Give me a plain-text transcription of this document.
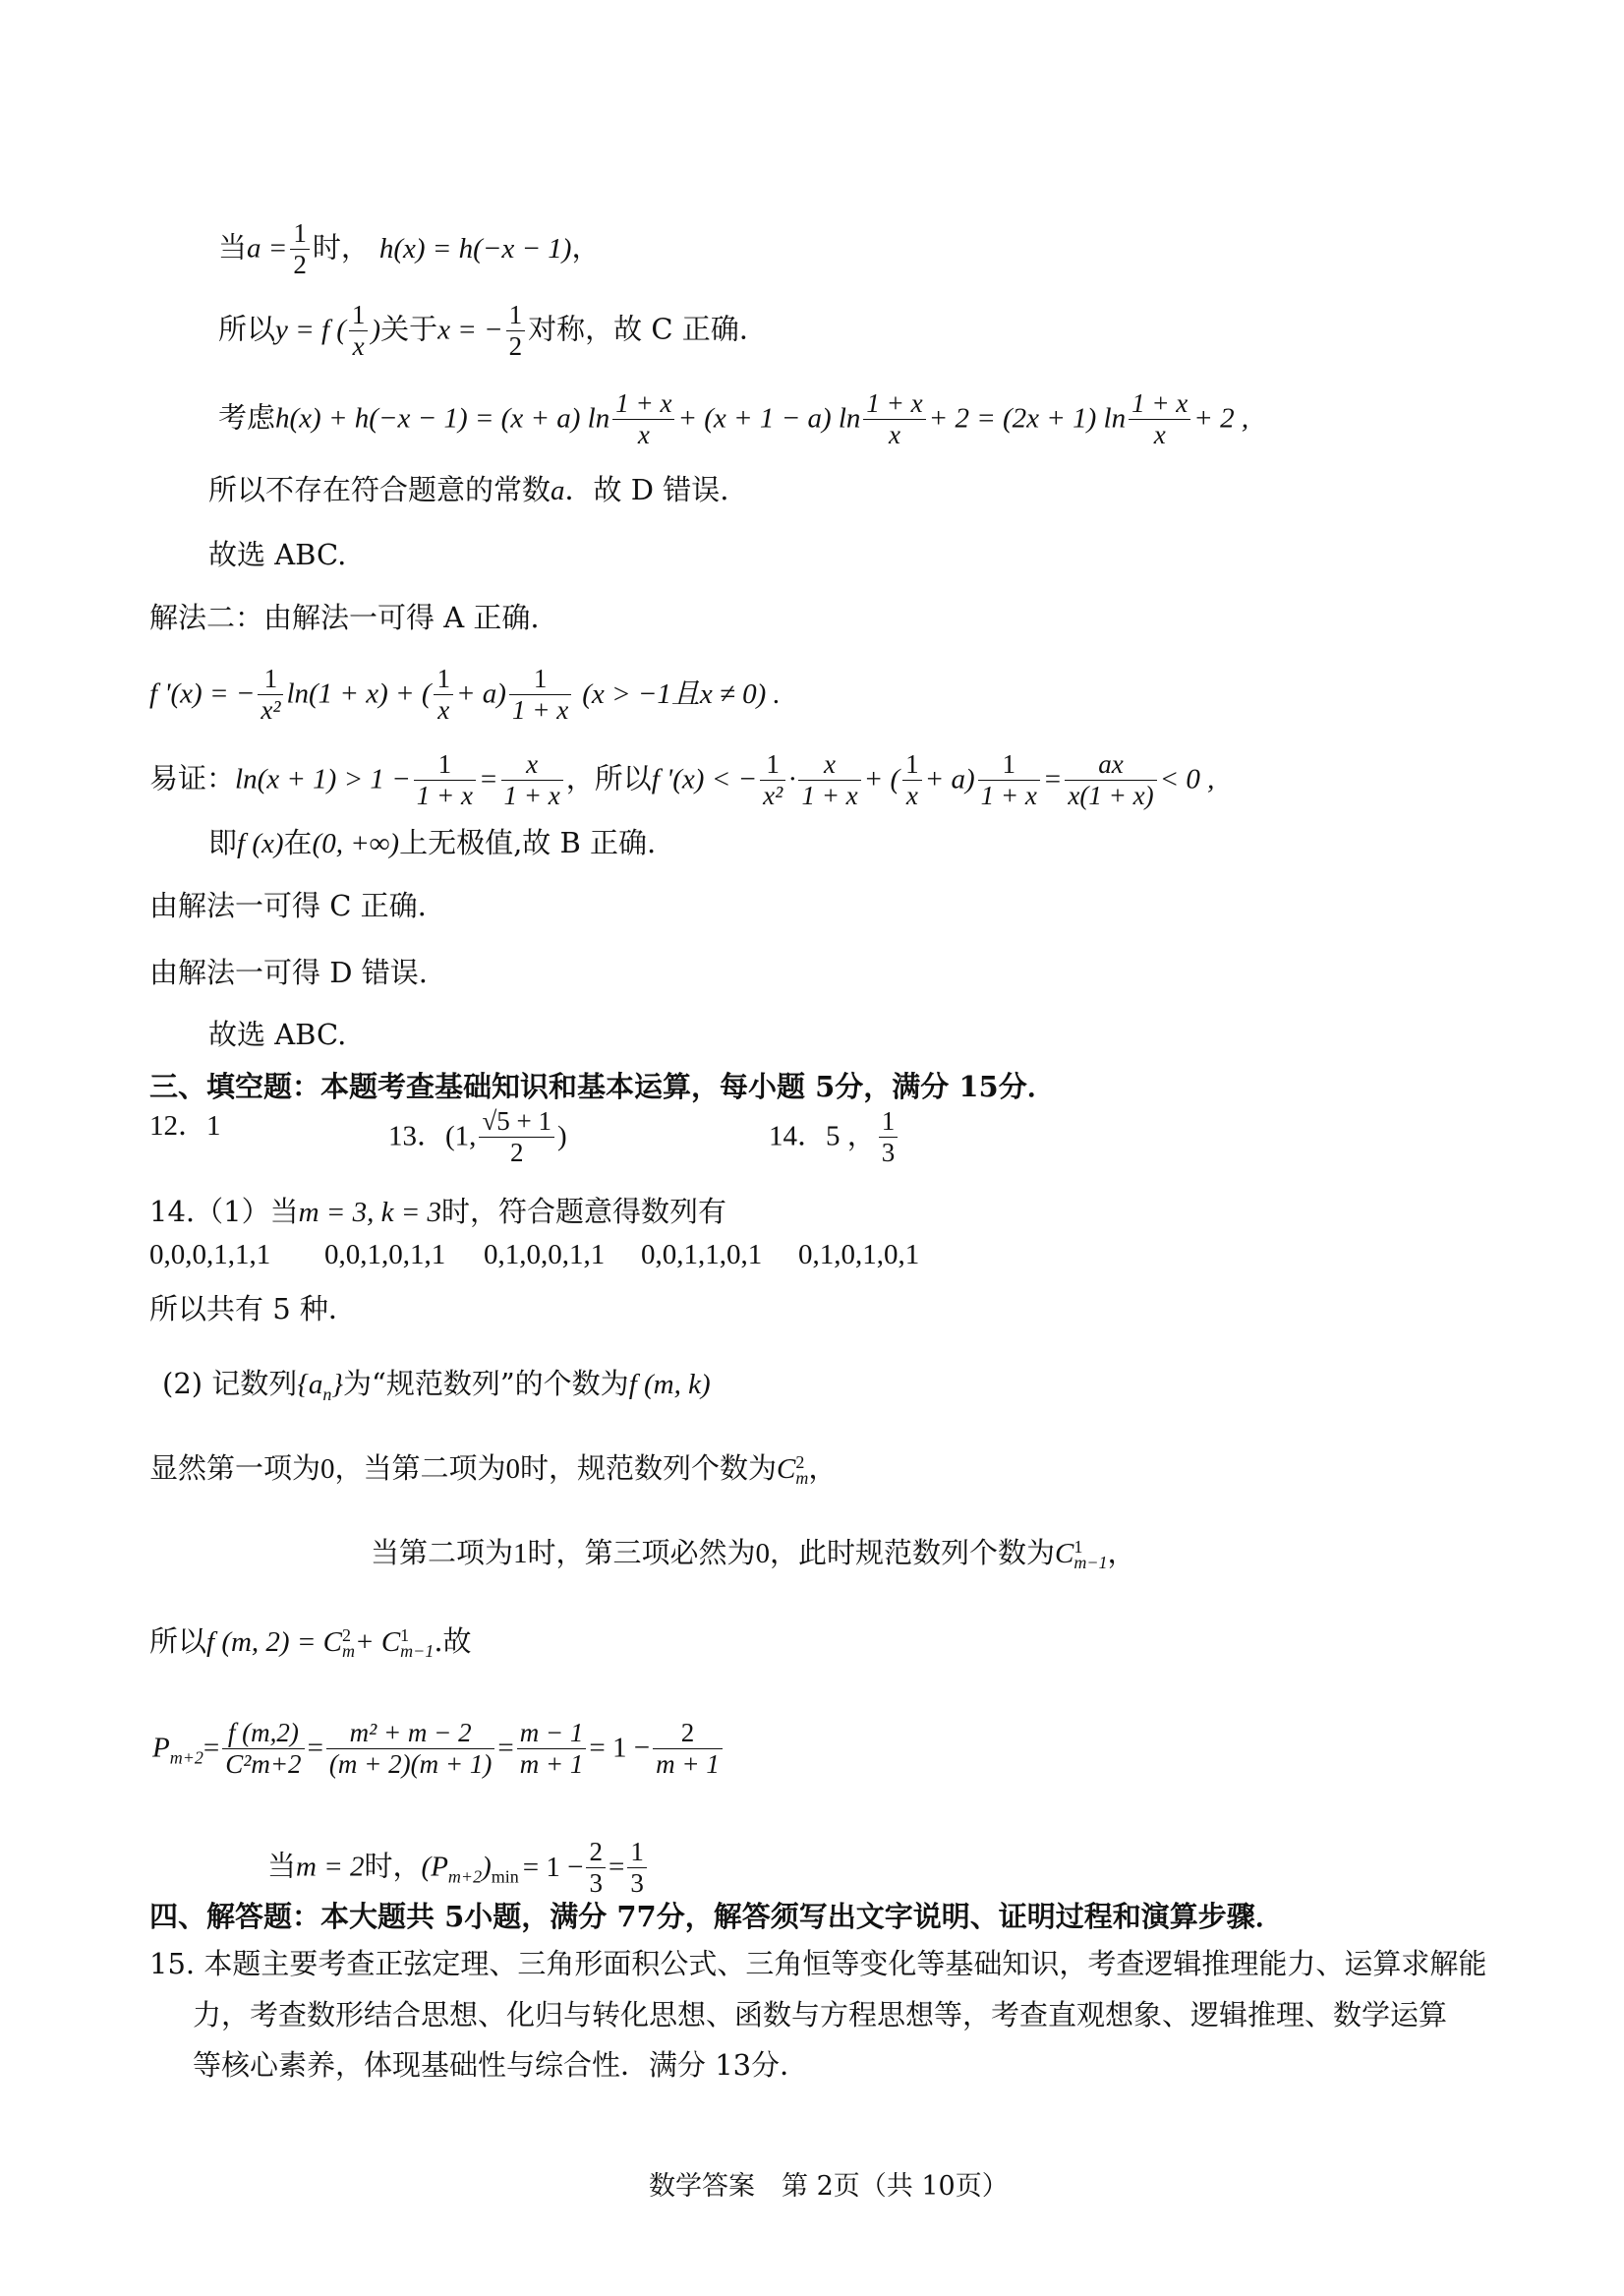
当$a = \frac{1}{2}$ 时， h(x) = h(−x − 1)，
所以y = f ( $\frac{1}{x}$ )关于x = − $\frac{1}{2}$ 对称，故 C 正确.
考虑h(x) + h(−x − 1) = (x + a) $\ln \frac{1 + x}{x} + (x + 1 - a)$ $\ln \frac{1 + x}{x} + 2 = (2x + 1)$ $\ln \frac{1 + x}{x} + 2$ ,
所以不存在符合题意的常数a．故 D 错误.
故选 ABC.
解法二：由解法一可得 A 正确.
f '(x) = − $\frac{1}{\text{x²}} \ln(1 + x)$ + ( $\frac{1}{x} + a) \frac{1}{1 + x} (x > -1$且x ≠ 0) .
易证：$\ln(x + 1) > 1 - \frac{1}{1 + x} = \frac{x}{1 + x}$ ，所以f '(x) < − $\frac{1}{\text{x²}} \cdot \frac{x}{1 + x}$ + ( $\frac{1}{x} + a) \frac{1}{1 + x} = \frac{ax}{x(1 + x)} < 0$ ,
即f (x)在(0, +∞)上无极值,故 B 正确.
由解法一可得 C 正确.
由解法一可得 D 错误.
故选 ABC.
三、填空题：本题考查基础知识和基本运算，每小题 5分，满分 15分．
12．1	13．(1, $\frac{√5 + 1}{2}$ )	14．5 ， $\frac{1}{3}$
14.（1）当m = 3, k = 3时，符合题意得数列有
0,0,0,1,1,1 0,0,1,0,1,1 0,1,0,0,1,1 0,0,1,1,0,1 0,1,0,1,0,1
所以共有 5 种．
(2) 记数列$\{a_n\}$为“规范数列”的个数为f (m, k)
显然第一项为0，当第二项为0时，规范数列个数为C 2
m ，
当第二项为1时，第三项必然为0，此时规范数列个数为C 1
m−1 ，
所以f (m, 2) = C 2
m + C 1
m−1 .故
$P_{m+2}= \frac{f (m,2)}{\text{C²m+2}} = \frac{\text{m² + m − 2}}{(m + 2)(m + 1)} = \frac{m - 1}{m + 1} = 1 - \frac{2}{m + 1}$
当m = 2时，$(P_{m+2})_{min} = 1 - \frac{2}{3} = \frac{1}{3}$
四、解答题：本大题共 5小题，满分 77分，解答须写出文字说明、证明过程和演算步骤．
15. 本题主要考查正弦定理、三角形面积公式、三角恒等变化等基础知识，考查逻辑推理能力、运算求解能
力，考查数形结合思想、化归与转化思想、函数与方程思想等，考查直观想象、逻辑推理、数学运算
等核心素养，体现基础性与综合性．满分 13分．
数学答案　第 2页（共 10页）
